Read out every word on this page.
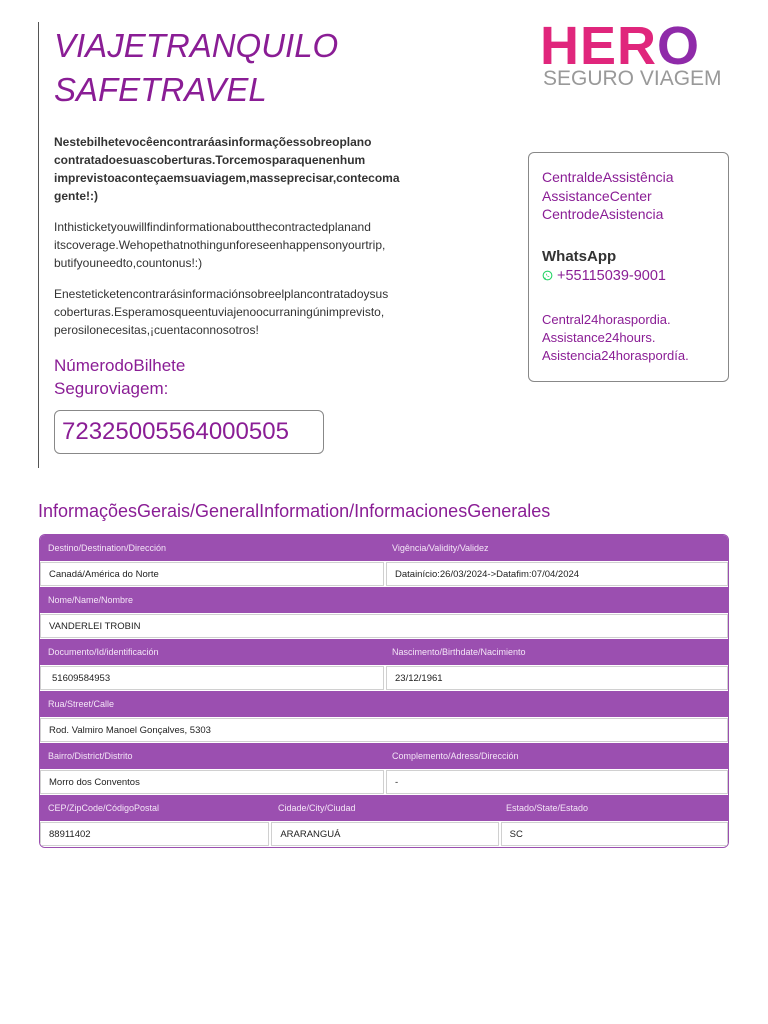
VIAJETRANQUILO
SAFETRAVEL
HERO
SEGURO VIAGEM
Nestebilhetevocêencontraráasinformaçõessobreoplano contratadoesuascoberturas.Torcemosparaquenenhum imprevistoaconteçaemsuaviagem,masseprecisar,contecoma gente!:)
Inthisticketyouwillfindinformationaboutthecontractedplanand itscoverage.Wehopethatnothingunforeseenhappensonyourtrip, butifyouneedto,countonus!:)
Enesteticketencontrarásinformaciónsobreelplancontratadoysus coberturas.Esperamosqueentuviajenoocurraningúnimprevisto, perosilonecesitas,¡cuentaconnosotros!
NúmerodoBilhete
Seguroviagem:
72325005564000505
CentraldeAssistência
AssistanceCenter
CentrodeAsistencia
WhatsApp
+55115039-9001
Central24horaspordia.
Assistance24hours.
Asistencia24horaspordía.
InformaçõesGerais/GeneralInformation/InformacionesGenerales
Destino/Destination/Dirección	Vigência/Validity/Validez
Canadá/América do Norte	Datainício:26/03/2024->Datafim:07/04/2024
Nome/Name/Nombre
VANDERLEI TROBIN
Documento/Id/identificación	Nascimento/Birthdate/Nacimiento
51609584953	23/12/1961
Rua/Street/Calle
Rod. Valmiro Manoel Gonçalves, 5303
Bairro/District/Distrito	Complemento/Adress/Dirección
Morro dos Conventos	-
CEP/ZipCode/CódigoPostal	Cidade/City/Ciudad	Estado/State/Estado
88911402	ARARANGUÁ	SC
